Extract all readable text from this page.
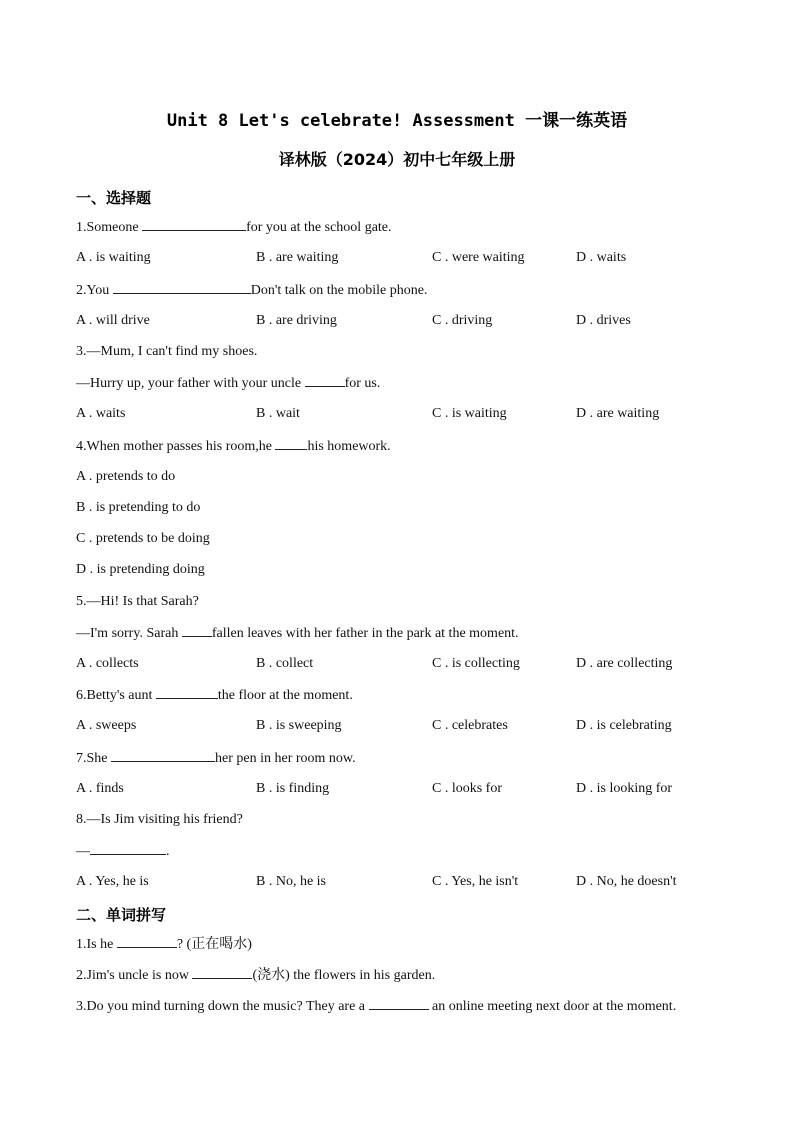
Unit 8 Let's celebrate! Assessment 一课一练英语
译林版（2024）初中七年级上册
一、选择题
1.Someone	for you at the school gate.
A . is waiting	B . are waiting	C . were waiting	D . waits
2.You	Don't talk on the mobile phone.
A . will drive	B . are driving	C . driving	D . drives
3.—Mum, I can't find my shoes.
—Hurry up, your father with your uncle	for us.
A . waits	B . wait	C . is waiting	D . are waiting
4.When mother passes his room,he his homework.
A . pretends to do
B . is pretending to do
C . pretends to be doing
D . is pretending doing
5.—Hi! Is that Sarah?
—I'm sorry. Sarah fallen leaves with her father in the park at the moment.
A . collects	B . collect	C . is collecting	D . are collecting
6.Betty's aunt	the floor at the moment.
A . sweeps	B . is sweeping	C . celebrates	D . is celebrating
7.She	her pen in her room now.
A . finds	B . is finding	C . looks for	D . is looking for
8.—Is Jim visiting his friend?
—	.
A . Yes, he is	B . No, he is	C . Yes, he isn't	D . No, he doesn't
二、单词拼写
1.Is he	? (正在喝水)
2.Jim's uncle is now	(浇水) the flowers in his garden.
3.Do you mind turning down the music? They are a	an online meeting next door at the moment.
